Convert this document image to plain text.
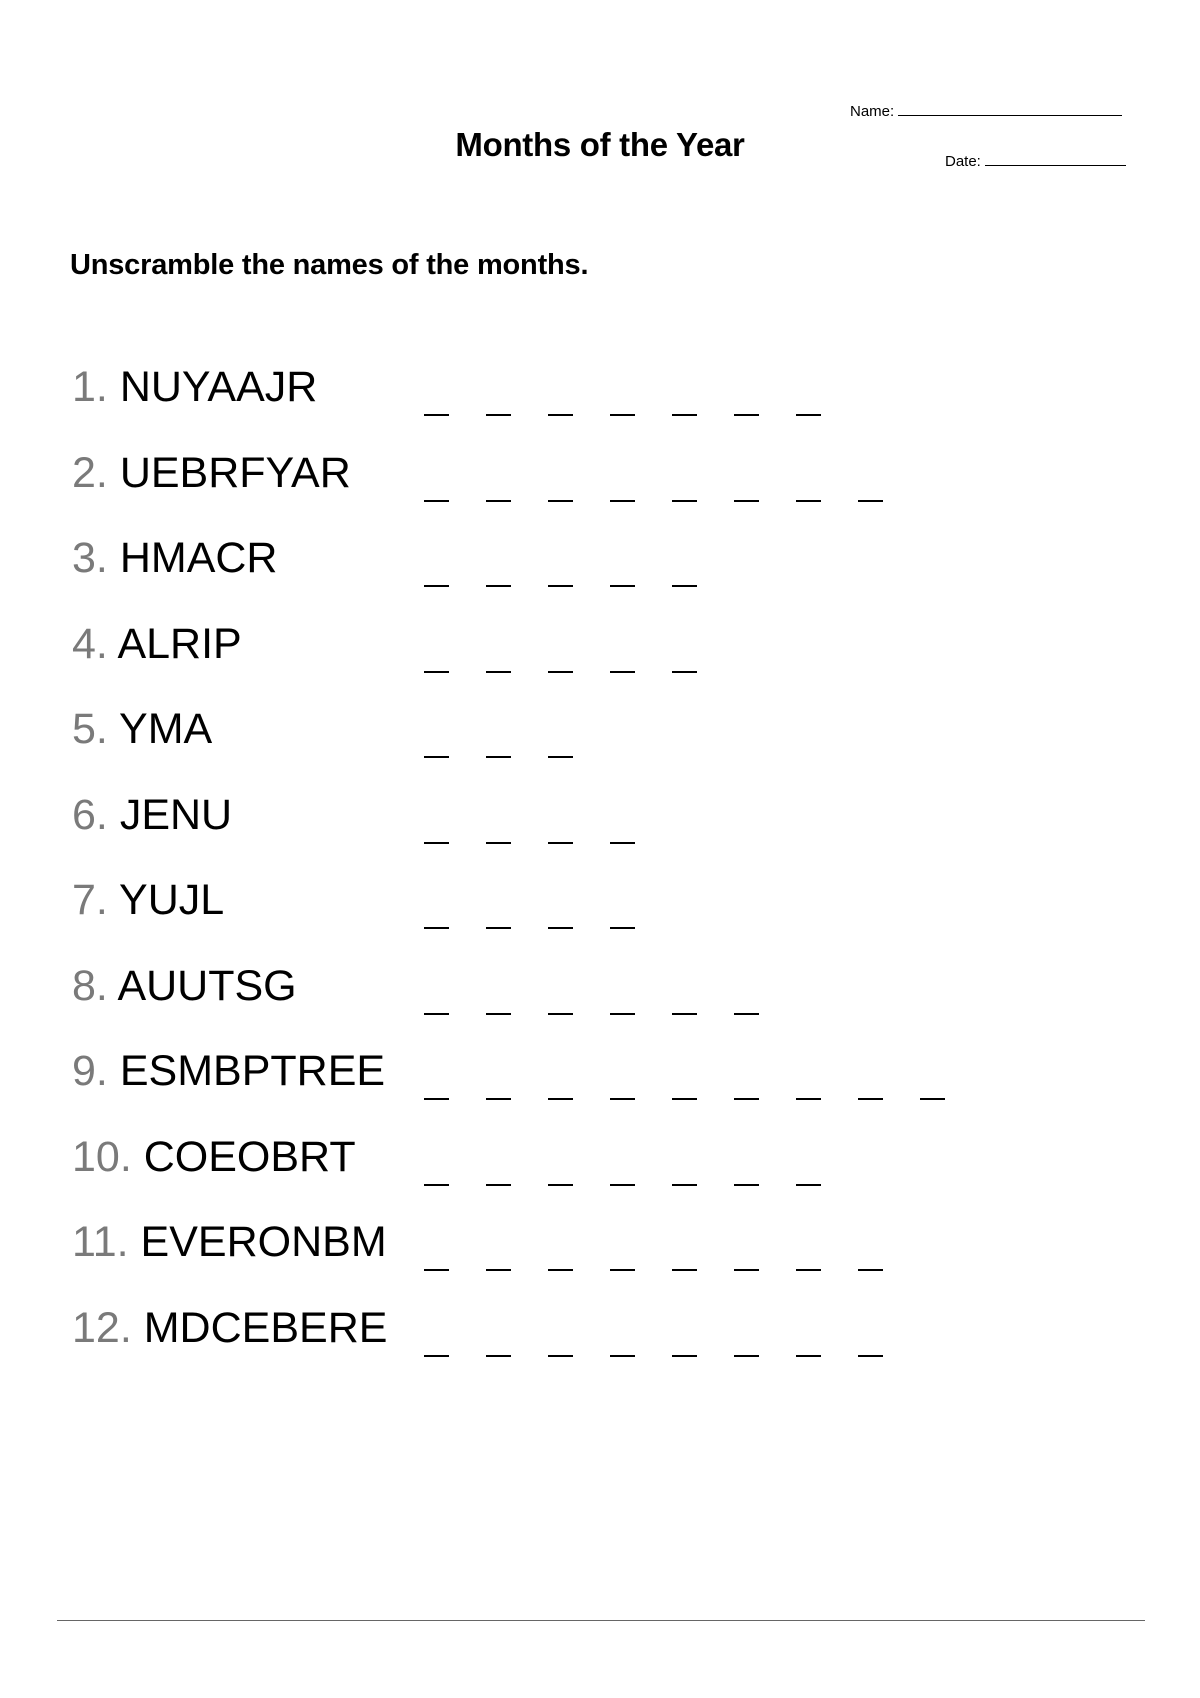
Name:
Months of the Year	Date:
Unscramble the names of the months.
1. NUYAAJR
2. UEBRFYAR
3. HMACR
4. ALRIP
5. YMA
6. JENU
7. YUJL
8. AUUTSG
9. ESMBPTREE
10. COEOBRT
11. EVERONBM
12. MDCEBERE
